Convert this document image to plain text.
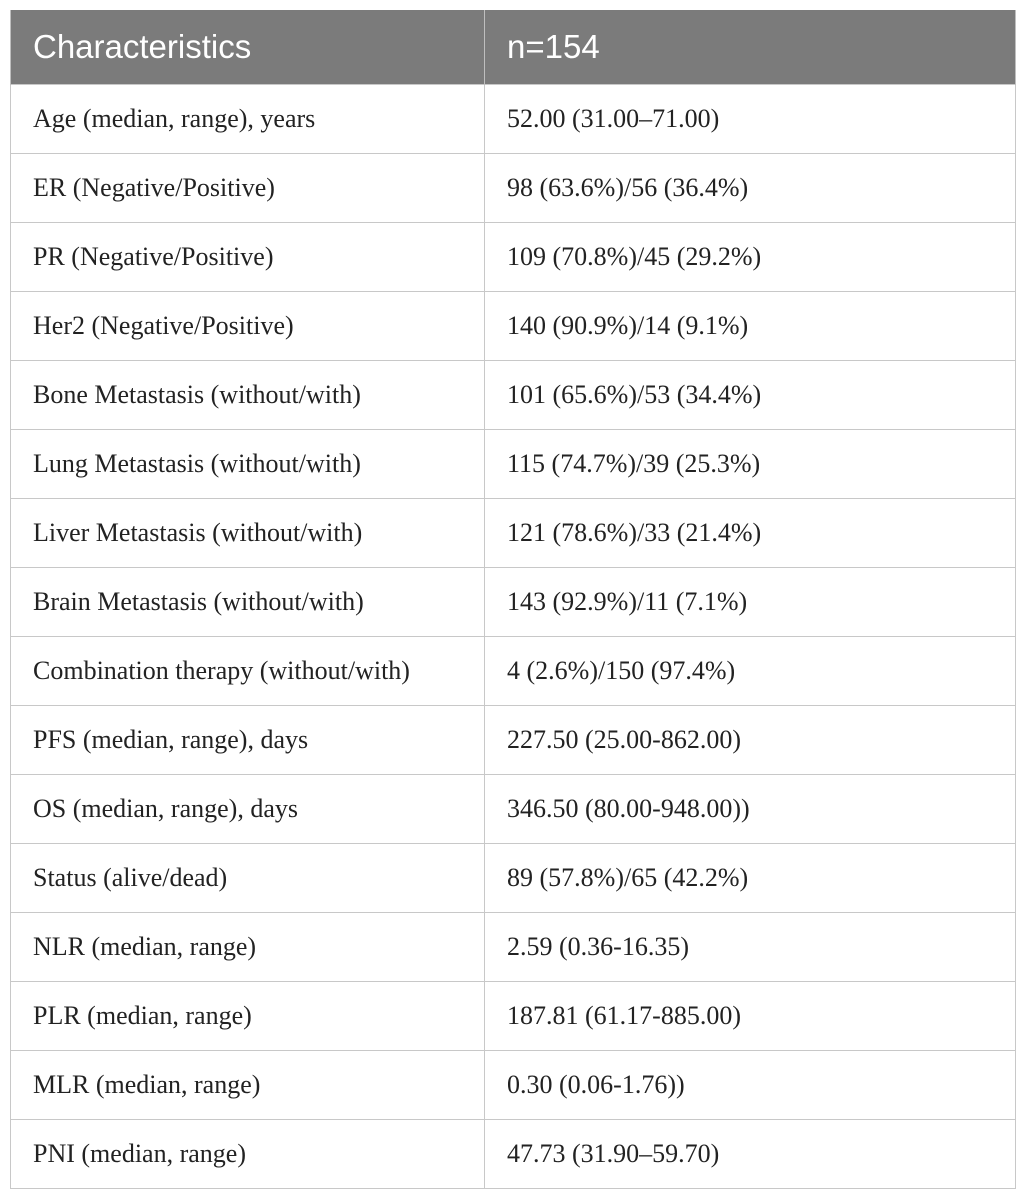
Characteristics	n=154
Age (median, range), years	52.00 (31.00–71.00)
ER (Negative/Positive)	98 (63.6%)/56 (36.4%)
PR (Negative/Positive)	109 (70.8%)/45 (29.2%)
Her2 (Negative/Positive)	140 (90.9%)/14 (9.1%)
Bone Metastasis (without/with)	101 (65.6%)/53 (34.4%)
Lung Metastasis (without/with)	115 (74.7%)/39 (25.3%)
Liver Metastasis (without/with)	121 (78.6%)/33 (21.4%)
Brain Metastasis (without/with)	143 (92.9%)/11 (7.1%)
Combination therapy (without/with)	4 (2.6%)/150 (97.4%)
PFS (median, range), days	227.50 (25.00-862.00)
OS (median, range), days	346.50 (80.00-948.00))
Status (alive/dead)	89 (57.8%)/65 (42.2%)
NLR (median, range)	2.59 (0.36-16.35)
PLR (median, range)	187.81 (61.17-885.00)
MLR (median, range)	0.30 (0.06-1.76))
PNI (median, range)	47.73 (31.90–59.70)
